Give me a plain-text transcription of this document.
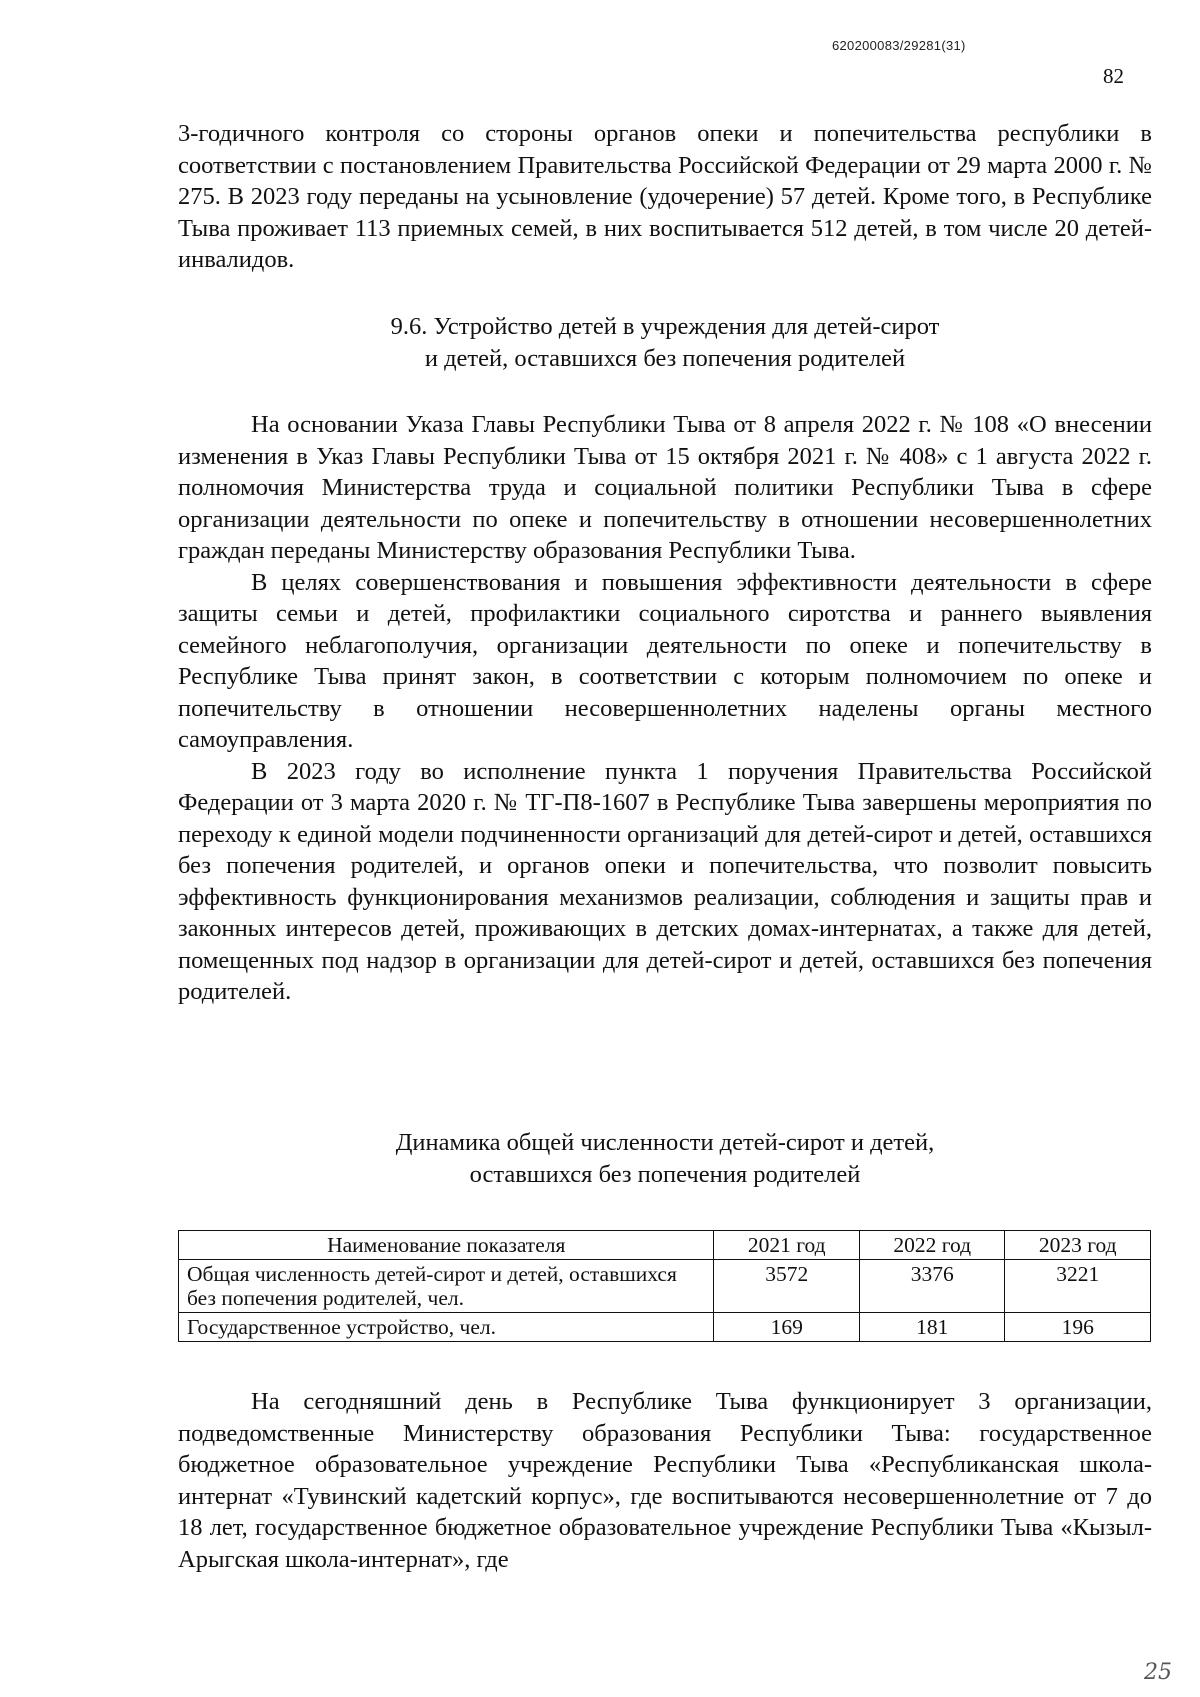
620200083/29281(31)
82

3-годичного контроля со стороны органов опеки и попечительства республики в соответствии с постановлением Правительства Российской Федерации от 29 марта 2000 г. № 275. В 2023 году переданы на усыновление (удочерение) 57 детей. Кроме того, в Республике Тыва проживает 113 приемных семей, в них воспитывается 512 детей, в том числе 20 детей-инвалидов.

9.6. Устройство детей в учреждения для детей-сирот
и детей, оставшихся без попечения родителей

На основании Указа Главы Республики Тыва от 8 апреля 2022 г. № 108 «О внесении изменения в Указ Главы Республики Тыва от 15 октября 2021 г. № 408» с 1 августа 2022 г. полномочия Министерства труда и социальной политики Республики Тыва в сфере организации деятельности по опеке и попечительству в отношении несовершеннолетних граждан переданы Министерству образования Республики Тыва.

В целях совершенствования и повышения эффективности деятельности в сфере защиты семьи и детей, профилактики социального сиротства и раннего выявления семейного неблагополучия, организации деятельности по опеке и попечительству в Республике Тыва принят закон, в соответствии с которым полномочием по опеке и попечительству в отношении несовершеннолетних наделены органы местного самоуправления.

В 2023 году во исполнение пункта 1 поручения Правительства Российской Федерации от 3 марта 2020 г. № ТГ-П8-1607 в Республике Тыва завершены мероприятия по переходу к единой модели подчиненности организаций для детей-сирот и детей, оставшихся без попечения родителей, и органов опеки и попечительства, что позволит повысить эффективность функционирования механизмов реализации, соблюдения и защиты прав и законных интересов детей, проживающих в детских домах-интернатах, а также для детей, помещенных под надзор в организации для детей-сирот и детей, оставшихся без попечения родителей.

Динамика общей численности детей-сирот и детей,
оставшихся без попечения родителей
Наименование показателя	2021 год	2022 год	2023 год
Общая численность детей-сирот и детей, оставшихся без попечения родителей, чел.	3572	3376	3221
Государственное устройство, чел.	169	181	196

На сегодняшний день в Республике Тыва функционирует 3 организации, подведомственные Министерству образования Республики Тыва: государственное бюджетное образовательное учреждение Республики Тыва «Республиканская школа-интернат «Тувинский кадетский корпус», где воспитываются несовершеннолетние от 7 до 18 лет, государственное бюджетное образовательное учреждение Республики Тыва «Кызыл-Арыгская школа-интернат», где

25
